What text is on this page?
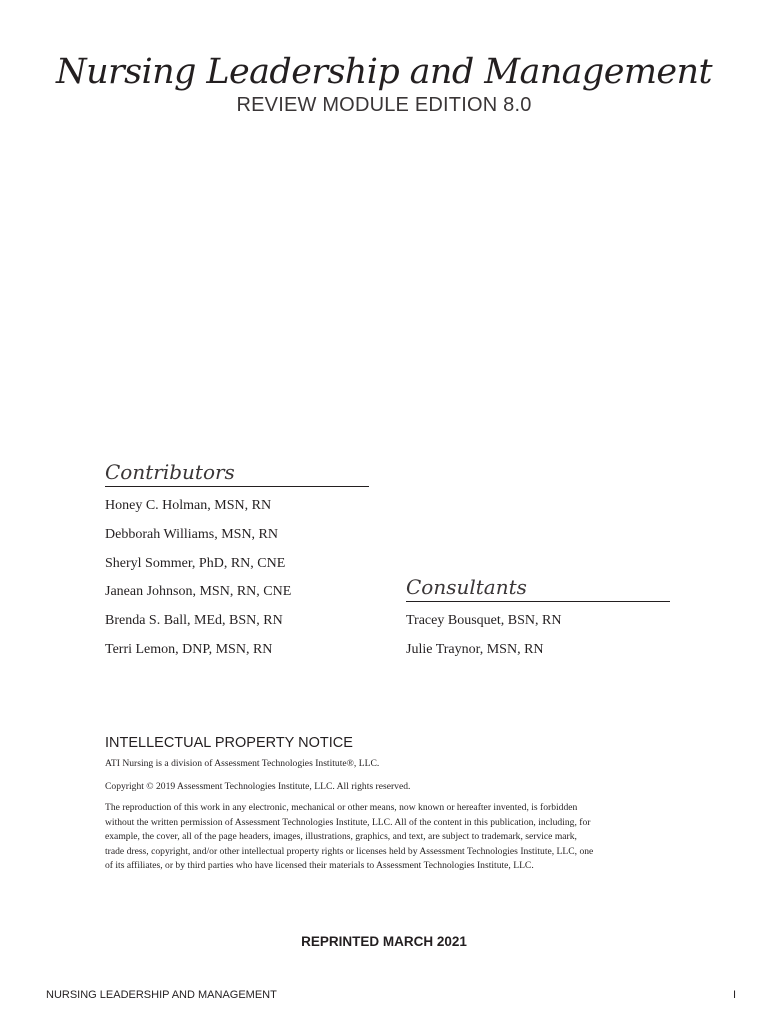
Nursing Leadership and Management
REVIEW MODULE EDITION 8.0
Contributors
Honey C. Holman, MSN, RN
Debborah Williams, MSN, RN
Sheryl Sommer, PhD, RN, CNE
Janean Johnson, MSN, RN, CNE
Brenda S. Ball, MEd, BSN, RN
Terri Lemon, DNP, MSN, RN
Consultants
Tracey Bousquet, BSN, RN
Julie Traynor, MSN, RN
INTELLECTUAL PROPERTY NOTICE

ATI Nursing is a division of Assessment Technologies Institute®, LLC.

Copyright © 2019 Assessment Technologies Institute, LLC. All rights reserved.

The reproduction of this work in any electronic, mechanical or other means, now known or hereafter invented, is forbidden without the written permission of Assessment Technologies Institute, LLC. All of the content in this publication, including, for example, the cover, all of the page headers, images, illustrations, graphics, and text, are subject to trademark, service mark, trade dress, copyright, and/or other intellectual property rights or licenses held by Assessment Technologies Institute, LLC, one of its affiliates, or by third parties who have licensed their materials to Assessment Technologies Institute, LLC.

REPRINTED MARCH 2021
NURSING LEADERSHIP AND MANAGEMENT	I
